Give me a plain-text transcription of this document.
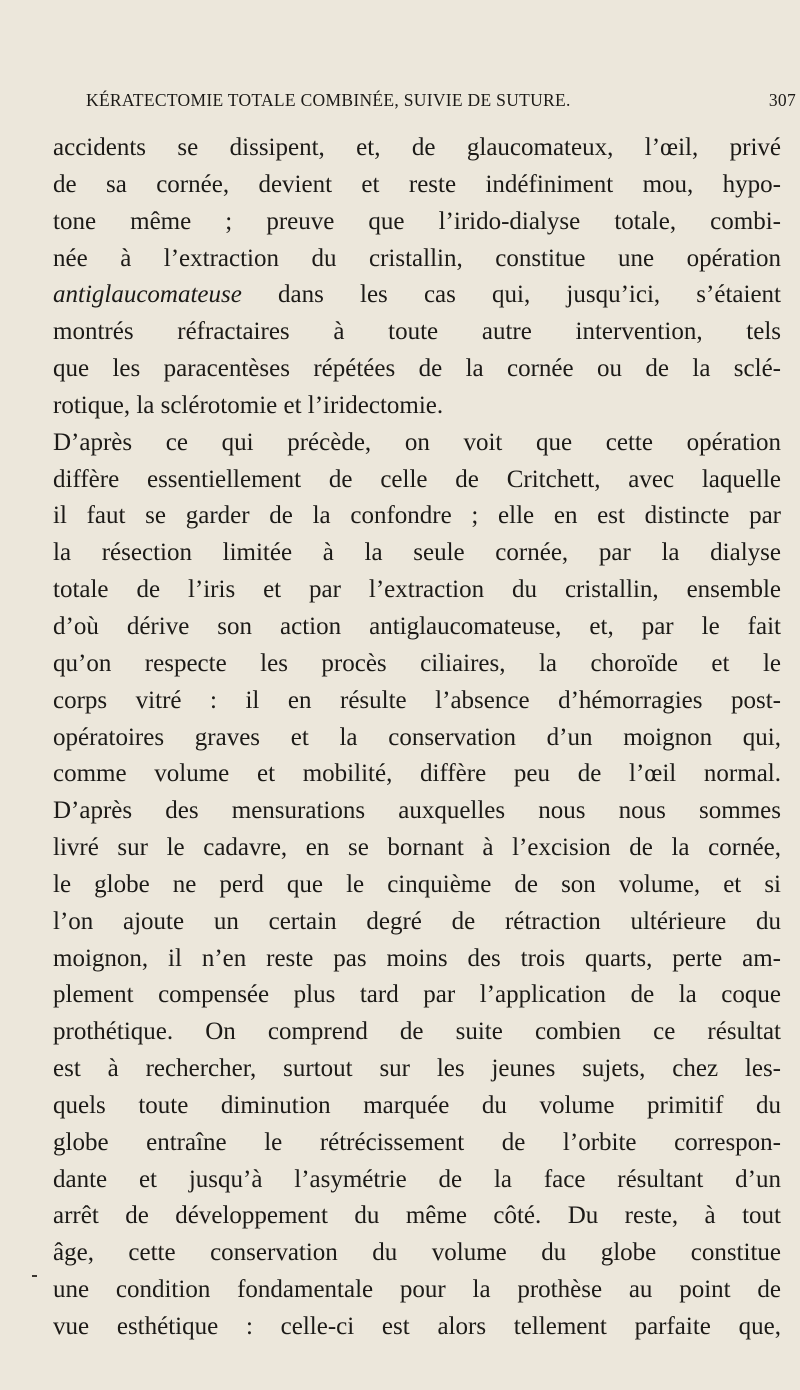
KÉRATECTOMIE TOTALE COMBINÉE, SUIVIE DE SUTURE.	307
accidents se dissipent, et, de glaucomateux, l’œil, privé
de sa cornée, devient et reste indéfiniment mou, hypo-
tone même ; preuve que l’irido-dialyse totale, combi-
née à l’extraction du cristallin, constitue une opération
antiglaucomateuse dans les cas qui, jusqu’ici, s’étaient
montrés réfractaires à toute autre intervention, tels
que les paracentèses répétées de la cornée ou de la sclé-
rotique, la sclérotomie et l’iridectomie.
D’après ce qui précède, on voit que cette opération
diffère essentiellement de celle de Critchett, avec laquelle
il faut se garder de la confondre ; elle en est distincte par
la résection limitée à la seule cornée, par la dialyse
totale de l’iris et par l’extraction du cristallin, ensemble
d’où dérive son action antiglaucomateuse, et, par le fait
qu’on respecte les procès ciliaires, la choroïde et le
corps vitré : il en résulte l’absence d’hémorragies post-
opératoires graves et la conservation d’un moignon qui,
comme volume et mobilité, diffère peu de l’œil normal.
D’après des mensurations auxquelles nous nous sommes
livré sur le cadavre, en se bornant à l’excision de la cornée,
le globe ne perd que le cinquième de son volume, et si
l’on ajoute un certain degré de rétraction ultérieure du
moignon, il n’en reste pas moins des trois quarts, perte am-
plement compensée plus tard par l’application de la coque
prothétique. On comprend de suite combien ce résultat
est à rechercher, surtout sur les jeunes sujets, chez les-
quels toute diminution marquée du volume primitif du
globe entraîne le rétrécissement de l’orbite correspon-
dante et jusqu’à l’asymétrie de la face résultant d’un
arrêt de développement du même côté. Du reste, à tout
âge, cette conservation du volume du globe constitue
une condition fondamentale pour la prothèse au point de
vue esthétique : celle-ci est alors tellement parfaite que,
